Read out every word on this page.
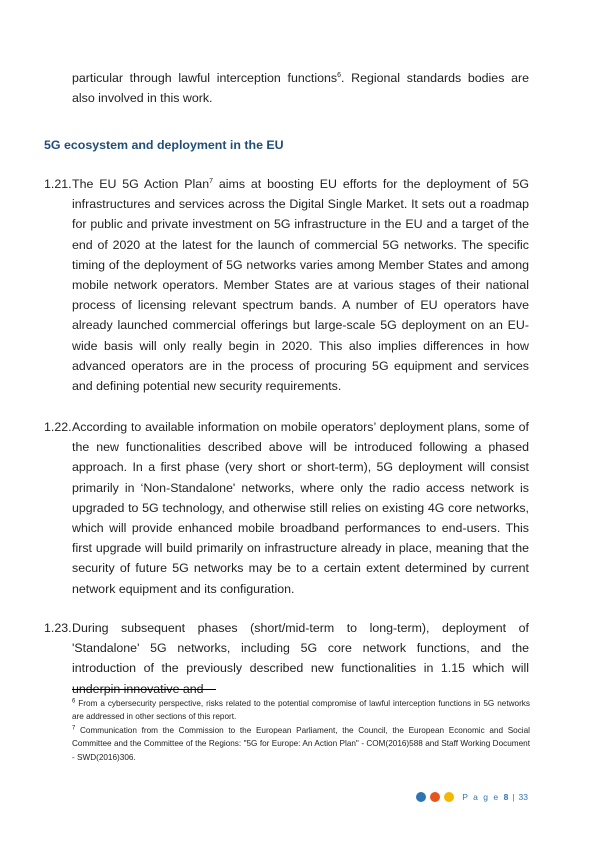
particular through lawful interception functions$^6$. Regional standards bodies are also involved in this work.

5G ecosystem and deployment in the EU
1.21. The EU 5G Action Plan$^7$ aims at boosting EU efforts for the deployment of 5G infrastructures and services across the Digital Single Market. It sets out a roadmap for public and private investment on 5G infrastructure in the EU and a target of the end of 2020 at the latest for the launch of commercial 5G networks. The specific timing of the deployment of 5G networks varies among Member States and among mobile network operators. Member States are at various stages of their national process of licensing relevant spectrum bands. A number of EU operators have already launched commercial offerings but large-scale 5G deployment on an EU-wide basis will only really begin in 2020. This also implies differences in how advanced operators are in the process of procuring 5G equipment and services and defining potential new security requirements.
1.22. According to available information on mobile operators’ deployment plans, some of the new functionalities described above will be introduced following a phased approach. In a first phase (very short or short-term), 5G deployment will consist primarily in ‘Non-Standalone' networks, where only the radio access network is upgraded to 5G technology, and otherwise still relies on existing 4G core networks, which will provide enhanced mobile broadband performances to end-users. This first upgrade will build primarily on infrastructure already in place, meaning that the security of future 5G networks may be to a certain extent determined by current network equipment and its configuration.
1.23. During subsequent phases (short/mid-term to long-term), deployment of 'Standalone' 5G networks, including 5G core network functions, and the introduction of the previously described new functionalities in 1.15 which will underpin innovative and

$^6$ From a cybersecurity perspective, risks related to the potential compromise of lawful interception functions in 5G networks are addressed in other sections of this report.

$^7$ Communication from the Commission to the European Parliament, the Council, the European Economic and Social Committee and the Committee of the Regions: "5G for Europe: An Action Plan" - COM(2016)588 and Staff Working Document - SWD(2016)306.

P a g e 8 | 33
